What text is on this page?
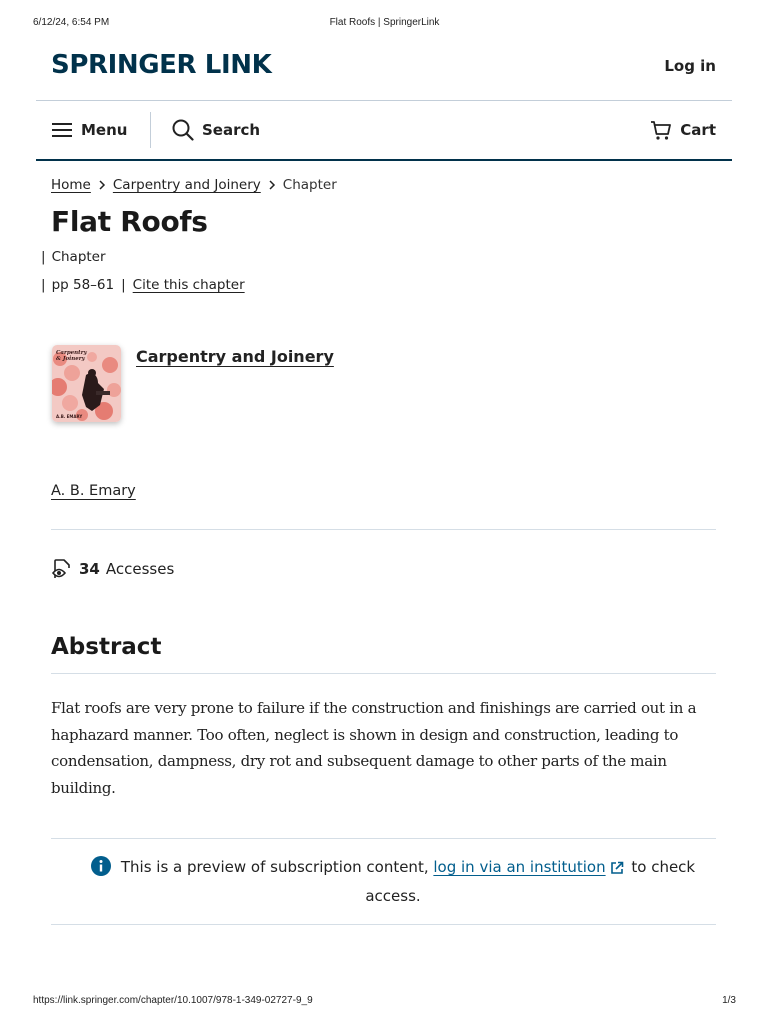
6/12/24, 6:54 PM	Flat Roofs | SpringerLink
SPRINGER LINK	Log in
Menu	Search	Cart
Home Carpentry and Joinery Chapter
Flat Roofs
| Chapter
| pp 58–61 | Cite this chapter
Carpentry
& Joinery
A.B. EMARY
Carpentry and Joinery
A. B. Emary
34 Accesses
Abstract

Flat roofs are very prone to failure if the construction and finishings are carried out in a haphazard manner. Too often, neglect is shown in design and construction, leading to condensation, dampness, dry rot and subsequent damage to other parts of the main building.

This is a preview of subscription content, log in via an institution to check access.
https://link.springer.com/chapter/10.1007/978-1-349-02727-9_9	1/3
